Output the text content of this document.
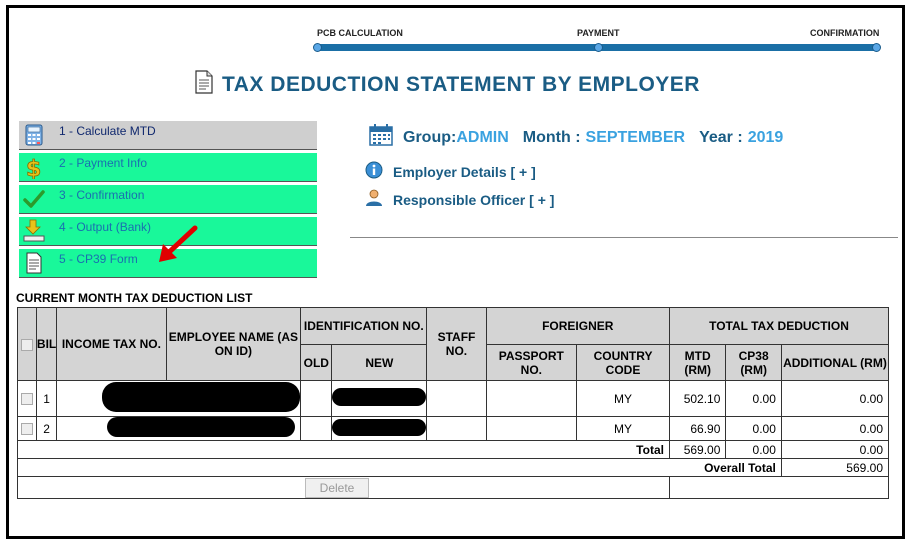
PCB CALCULATION	PAYMENT	CONFIRMATION
TAX DEDUCTION STATEMENT BY EMPLOYER
1 - Calculate MTD
$ 2 - Payment Info
3 - Confirmation
4 - Output (Bank)
5 - CP39 Form
Group: ADMIN Month : SEPTEMBER Year : 2019
Employer Details [ + ]
Responsible Officer [ + ]
CURRENT MONTH TAX DEDUCTION LIST
	BIL	INCOME TAX NO.	EMPLOYEE NAME (AS ON ID)	IDENTIFICATION NO.		STAFF NO.	FOREIGNER		TOTAL TAX DEDUCTION		
				OLD	NEW		PASSPORT NO.	COUNTRY CODE	MTD (RM)	CP38 (RM)	ADDITIONAL (RM)
	1							MY	502.10	0.00	0.00
	2							MY	66.90	0.00	0.00
Total									569.00	0.00	0.00
Overall Total											569.00
Delete											
